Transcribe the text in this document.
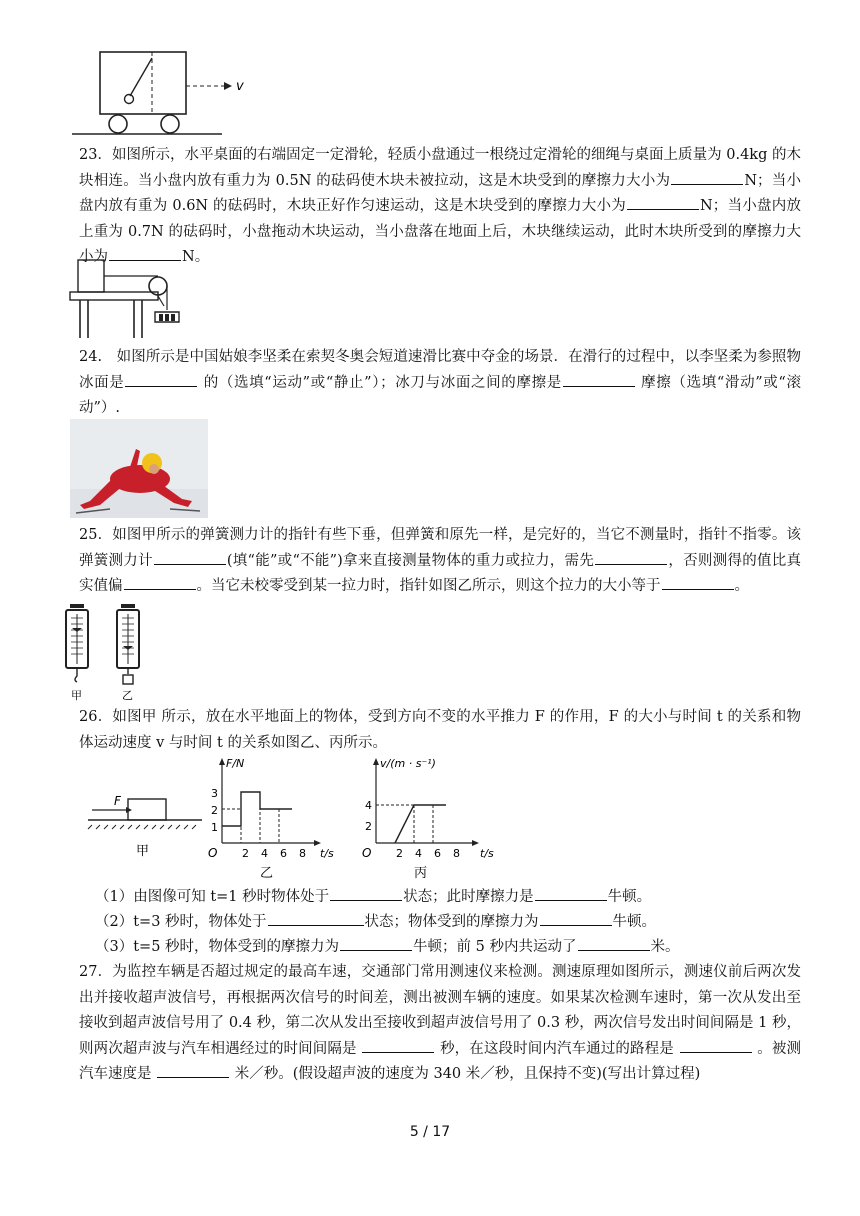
v
23．如图所示，水平桌面的右端固定一定滑轮，轻质小盘通过一根绕过定滑轮的细绳与桌面上质量为 0.4kg 的木块相连。当小盘内放有重力为 0.5N 的砝码使木块未被拉动，这是木块受到的摩擦力大小为	N；当小盘内放有重为 0.6N 的砝码时，木块正好作匀速运动，这是木块受到的摩擦力大小为	N；当小盘内放上重为 0.7N 的砝码时，小盘拖动木块运动，当小盘落在地面上后，木块继续运动，此时木块所受到的摩擦力大小为	N。
24.　如图所示是中国姑娘李坚柔在索契冬奥会短道速滑比赛中夺金的场景．在滑行的过程中，以李坚柔为参照物冰面是	的（选填“运动”或“静止”）；冰刀与冰面之间的摩擦是	摩擦（选填“滑动”或“滚动”）.
25．如图甲所示的弹簧测力计的指针有些下垂，但弹簧和原先一样，是完好的，当它不测量时，指针不指零。该弹簧测力计	(填“能”或“不能”)拿来直接测量物体的重力或拉力，需先	，否则测得的值比真实值偏	。当它未校零受到某一拉力时，指针如图乙所示，则这个拉力的大小等于	。
甲	乙
26．如图甲 所示，放在水平地面上的物体，受到方向不变的水平推力 F 的作用，F 的大小与时间 t 的关系和物体运动速度 v 与时间 t 的关系如图乙、丙所示。
F
甲
F/N
t/s
O
1
2
3
2 4 6 8
乙
v/(m · s⁻¹)
t/s
O
2
4
2 4 6 8
丙
（1）由图像可知 t=1 秒时物体处于	状态；此时摩擦力是	牛顿。
（2）t=3 秒时，物体处于	状态；物体受到的摩擦力为	牛顿。
（3）t=5 秒时，物体受到的摩擦力为	牛顿；前 5 秒内共运动了	米。
27．为监控车辆是否超过规定的最高车速，交通部门常用测速仪来检测。测速原理如图所示，测速仪前后两次发出并接收超声波信号，再根据两次信号的时间差，测出被测车辆的速度。如果某次检测车速时，第一次从发出至接收到超声波信号用了 0.4 秒，第二次从发出至接收到超声波信号用了 0.3 秒，两次信号发出时间间隔是 1 秒，则两次超声波与汽车相遇经过的时间间隔是	秒，在这段时间内汽车通过的路程是	。被测汽车速度是	米／秒。(假设超声波的速度为 340 米／秒，且保持不变)(写出计算过程)
5 / 17
